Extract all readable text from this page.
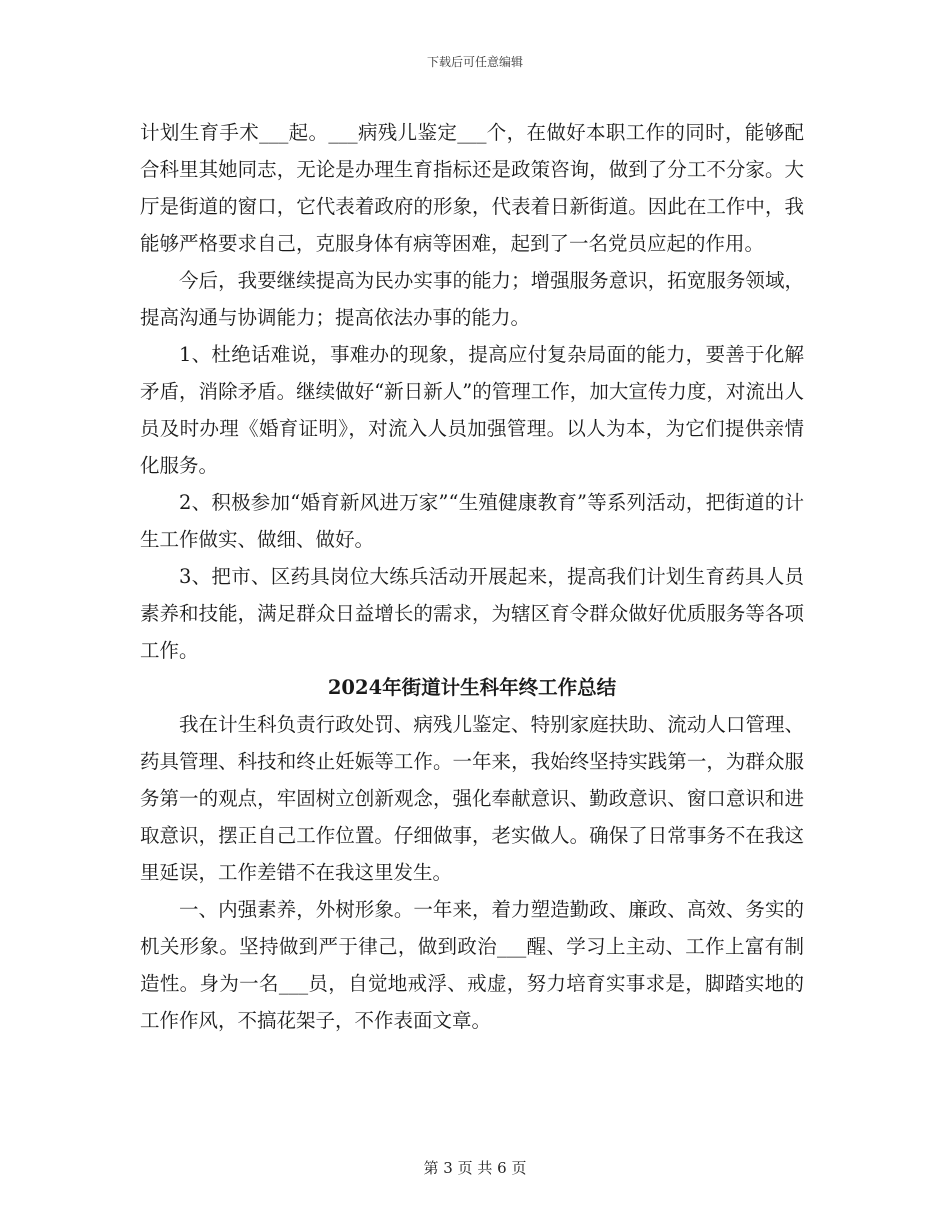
下载后可任意编辑

计划生育手术___起。___病残儿鉴定___个，在做好本职工作的同时，能够配合科里其她同志，无论是办理生育指标还是政策咨询，做到了分工不分家。大厅是街道的窗口，它代表着政府的形象，代表着日新街道。因此在工作中，我能够严格要求自己，克服身体有病等困难，起到了一名党员应起的作用。

今后，我要继续提高为民办实事的能力；增强服务意识，拓宽服务领域，提高沟通与协调能力；提高依法办事的能力。

1、杜绝话难说，事难办的现象，提高应付复杂局面的能力，要善于化解矛盾，消除矛盾。继续做好“新日新人”的管理工作，加大宣传力度，对流出人员及时办理《婚育证明》，对流入人员加强管理。以人为本，为它们提供亲情化服务。

2、积极参加“婚育新风进万家”“生殖健康教育”等系列活动，把街道的计生工作做实、做细、做好。

3、把市、区药具岗位大练兵活动开展起来，提高我们计划生育药具人员素养和技能，满足群众日益增长的需求，为辖区育令群众做好优质服务等各项工作。

2024年街道计生科年终工作总结

我在计生科负责行政处罚、病残儿鉴定、特别家庭扶助、流动人口管理、药具管理、科技和终止妊娠等工作。一年来，我始终坚持实践第一，为群众服务第一的观点，牢固树立创新观念，强化奉献意识、勤政意识、窗口意识和进取意识，摆正自己工作位置。仔细做事，老实做人。确保了日常事务不在我这里延误，工作差错不在我这里发生。

一、内强素养，外树形象。一年来，着力塑造勤政、廉政、高效、务实的机关形象。坚持做到严于律己，做到政治___醒、学习上主动、工作上富有制造性。身为一名___员，自觉地戒浮、戒虚，努力培育实事求是，脚踏实地的工作作风，不搞花架子，不作表面文章。

第 3 页 共 6 页
